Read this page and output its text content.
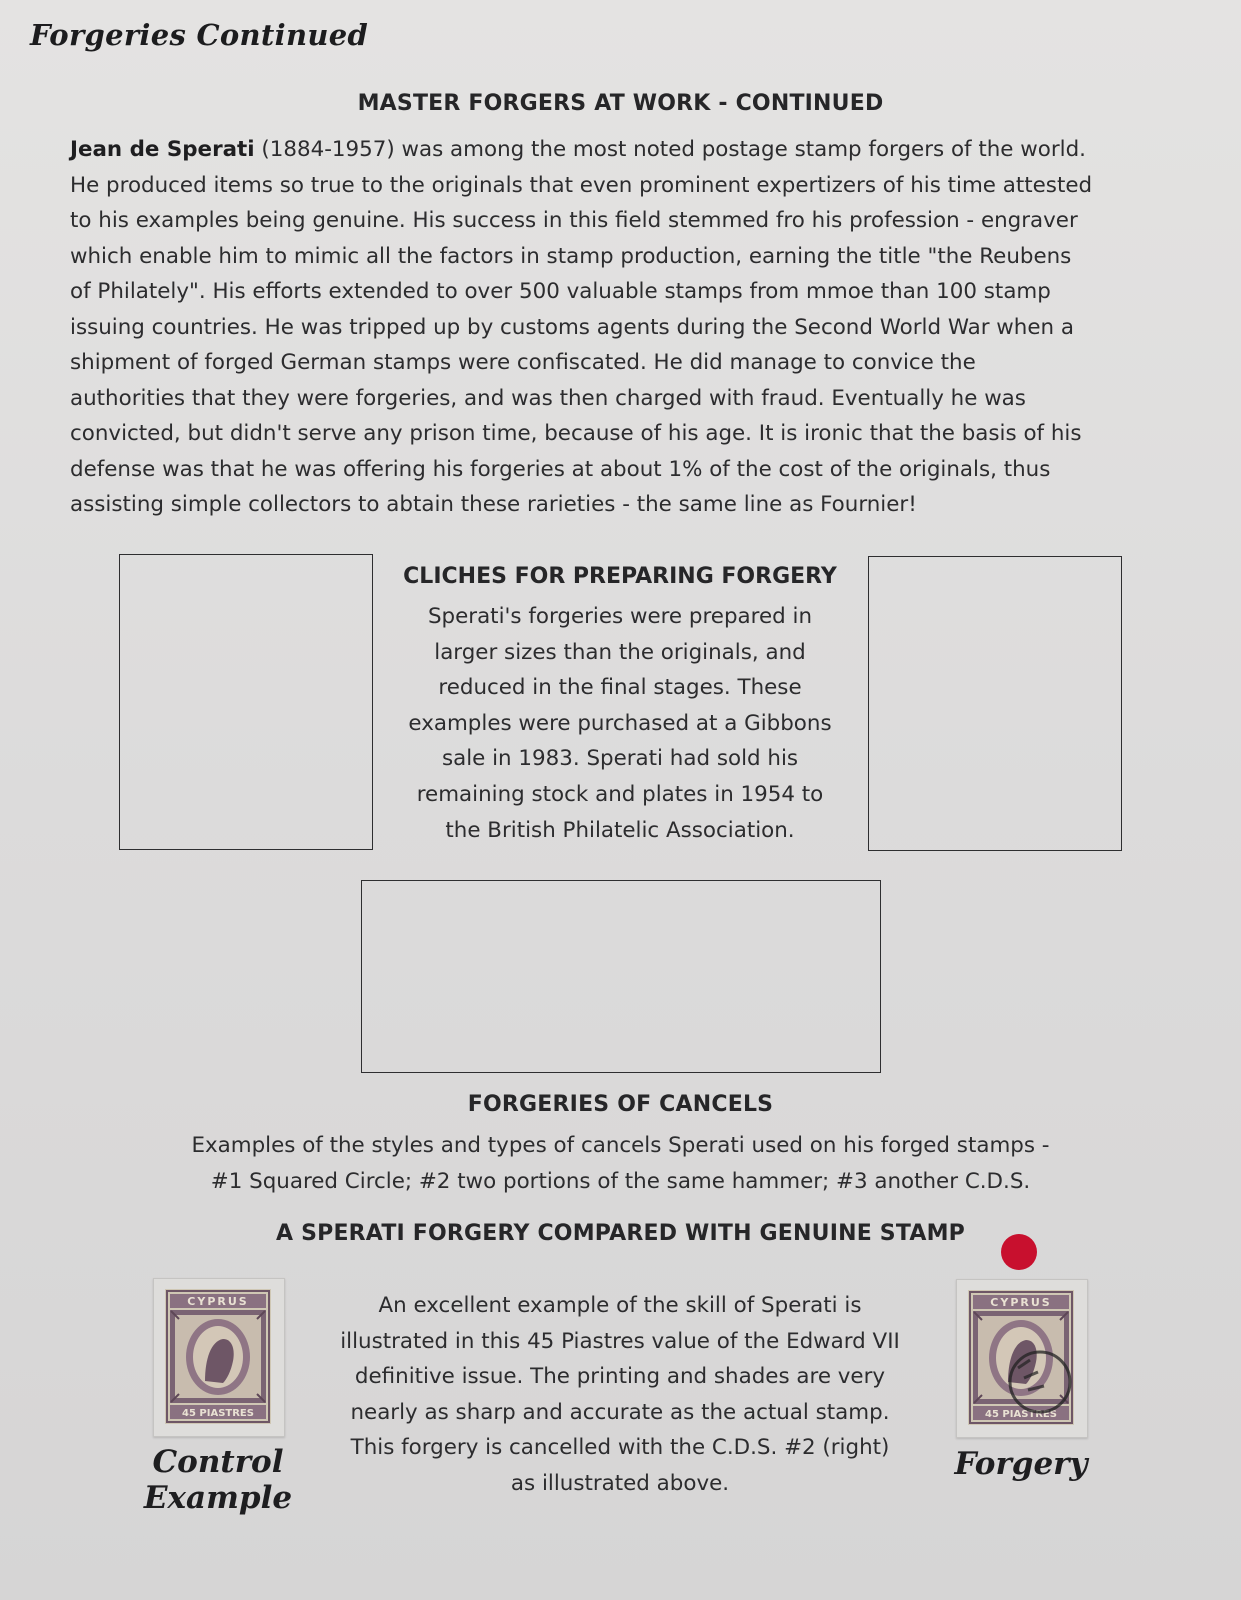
Forgeries Continued
MASTER FORGERS AT WORK - CONTINUED

Jean de Sperati (1884-1957) was among the most noted postage stamp forgers of the world.
He produced items so true to the originals that even prominent expertizers of his time attested
to his examples being genuine. His success in this field stemmed fro his profession - engraver
which enable him to mimic all the factors in stamp production, earning the title "the Reubens
of Philately". His efforts extended to over 500 valuable stamps from mmoe than 100 stamp
issuing countries. He was tripped up by customs agents during the Second World War when a
shipment of forged German stamps were confiscated. He did manage to convice the
authorities that they were forgeries, and was then charged with fraud. Eventually he was
convicted, but didn't serve any prison time, because of his age. It is ironic that the basis of his
defense was that he was offering his forgeries at about 1% of the cost of the originals, thus
assisting simple collectors to abtain these rarieties - the same line as Fournier!

CLICHES FOR PREPARING FORGERY

Sperati's forgeries were prepared in
larger sizes than the originals, and
reduced in the final stages. These
examples were purchased at a Gibbons
sale in 1983. Sperati had sold his
remaining stock and plates in 1954 to
the British Philatelic Association.

FORGERIES OF CANCELS

Examples of the styles and types of cancels Sperati used on his forged stamps -
#1 Squared Circle; #2 two portions of the same hammer; #3 another C.D.S.

A SPERATI FORGERY COMPARED WITH GENUINE STAMP
CYPRUS
45 PIASTRES

Control
Example

An excellent example of the skill of Sperati is
illustrated in this 45 Piastres value of the Edward VII
definitive issue. The printing and shades are very
nearly as sharp and accurate as the actual stamp.
This forgery is cancelled with the C.D.S. #2 (right)
as illustrated above.

CYPRUS
45 PIASTRES

Forgery
